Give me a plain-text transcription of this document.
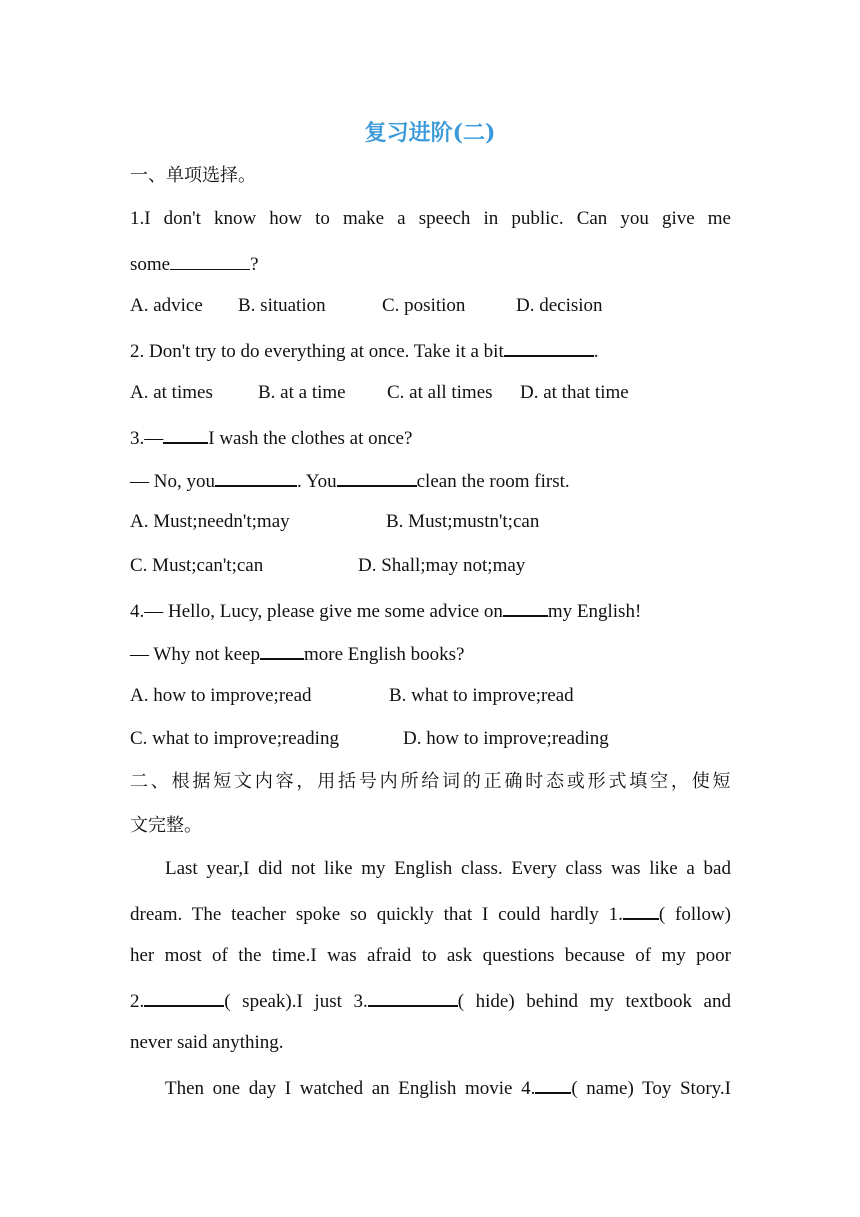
复习进阶(二)
一、单项选择。
1.I don't know how to make a speech in public. Can you give me
some	?
A. advice B. situation	C. position	D. decision
2. Don't try to do everything at once. Take it a bit	.
A. at times B. at a time C. at all times D. at that time
3.— I wash the clothes at once?
— No, you	. You	clean the room first.
A. Must;needn't;may	B. Must;mustn't;can
C. Must;can't;can	D. Shall;may not;may
4.— Hello, Lucy, please give me some advice on my English!
— Why not keep more English books?
A. how to improve;read	B. what to improve;read
C. what to improve;reading	D. how to improve;reading
二、根据短文内容，用括号内所给词的正确时态或形式填空，使短
文完整。
Last year,I did not like my English class. Every class was like a bad
dream. The teacher spoke so quickly that I could hardly 1. ( follow)
her most of the time.I was afraid to ask questions because of my poor
2.	( speak).I just 3.	( hide) behind my textbook and
never said anything.
Then one day I watched an English movie 4. ( name) Toy Story.I
